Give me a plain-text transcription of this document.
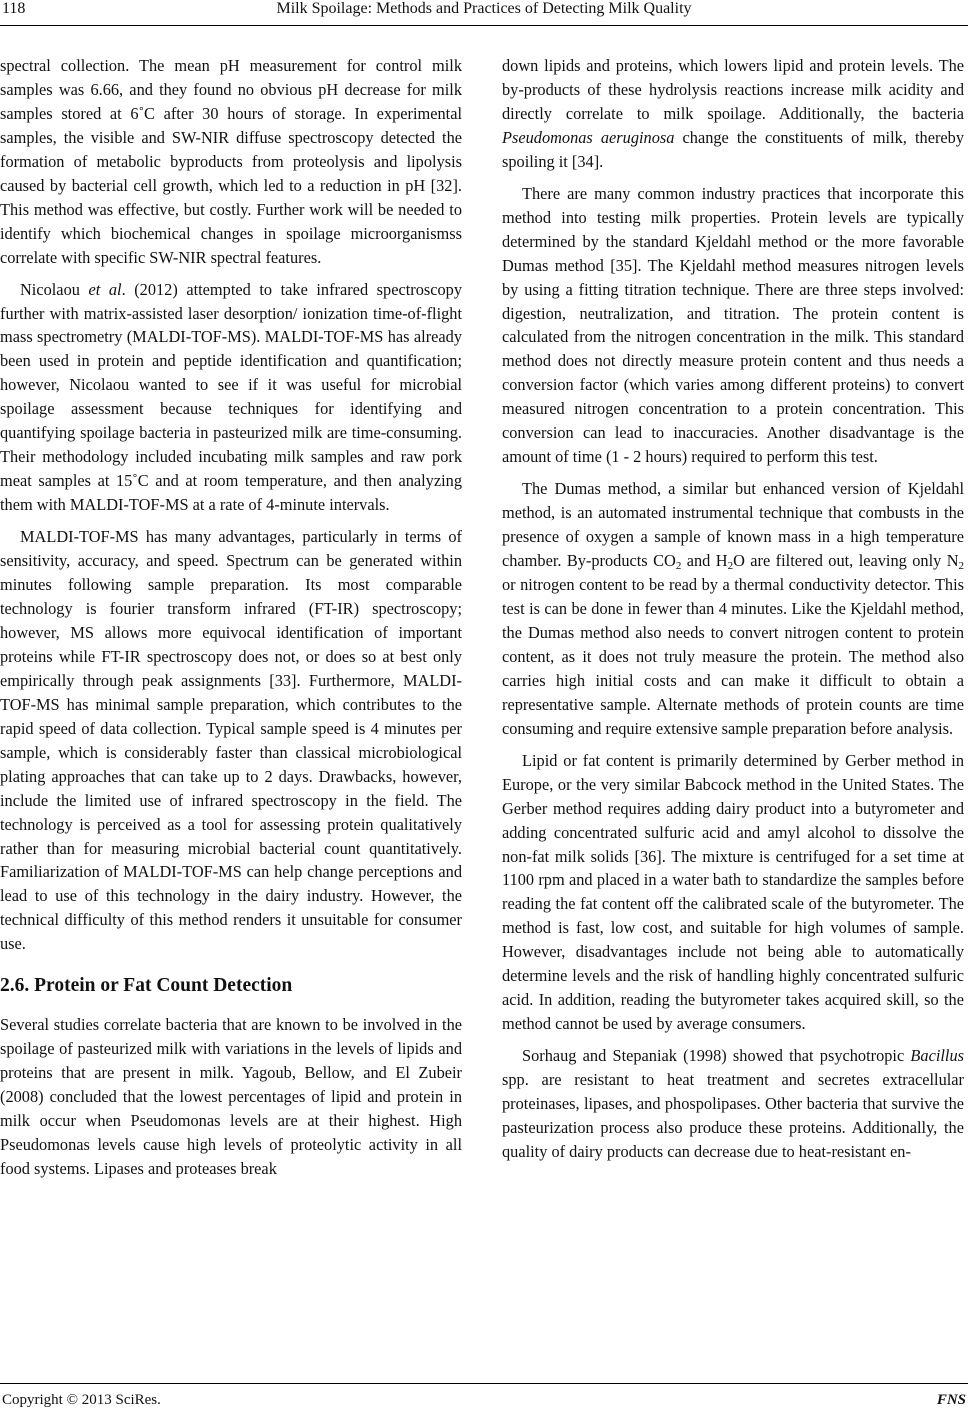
118	Milk Spoilage: Methods and Practices of Detecting Milk Quality

spectral collection. The mean pH measurement for control milk samples was 6.66, and they found no obvious pH decrease for milk samples stored at 6˚C after 30 hours of storage. In experimental samples, the visible and SW-NIR diffuse spectroscopy detected the formation of metabolic byproducts from proteolysis and lipolysis caused by bacterial cell growth, which led to a reduction in pH [32]. This method was effective, but costly. Further work will be needed to identify which biochemical changes in spoilage microorganismss correlate with specific SW-NIR spectral features.

Nicolaou et al. (2012) attempted to take infrared spectroscopy further with matrix-assisted laser desorption/ ionization time-of-flight mass spectrometry (MALDI-TOF-MS). MALDI-TOF-MS has already been used in protein and peptide identification and quantification; however, Nicolaou wanted to see if it was useful for microbial spoilage assessment because techniques for identifying and quantifying spoilage bacteria in pasteurized milk are time-consuming. Their methodology included incubating milk samples and raw pork meat samples at 15˚C and at room temperature, and then analyzing them with MALDI-TOF-MS at a rate of 4-minute intervals.

MALDI-TOF-MS has many advantages, particularly in terms of sensitivity, accuracy, and speed. Spectrum can be generated within minutes following sample preparation. Its most comparable technology is fourier transform infrared (FT-IR) spectroscopy; however, MS allows more equivocal identification of important proteins while FT-IR spectroscopy does not, or does so at best only empirically through peak assignments [33]. Furthermore, MALDI-TOF-MS has minimal sample preparation, which contributes to the rapid speed of data collection. Typical sample speed is 4 minutes per sample, which is considerably faster than classical microbiological plating approaches that can take up to 2 days. Drawbacks, however, include the limited use of infrared spectroscopy in the field. The technology is perceived as a tool for assessing protein qualitatively rather than for measuring microbial bacterial count quantitatively. Familiarization of MALDI-TOF-MS can help change perceptions and lead to use of this technology in the dairy industry. However, the technical difficulty of this method renders it unsuitable for consumer use.

2.6. Protein or Fat Count Detection

Several studies correlate bacteria that are known to be involved in the spoilage of pasteurized milk with variations in the levels of lipids and proteins that are present in milk. Yagoub, Bellow, and El Zubeir (2008) concluded that the lowest percentages of lipid and protein in milk occur when Pseudomonas levels are at their highest. High Pseudomonas levels cause high levels of proteolytic activity in all food systems. Lipases and proteases break

down lipids and proteins, which lowers lipid and protein levels. The by-products of these hydrolysis reactions increase milk acidity and directly correlate to milk spoilage. Additionally, the bacteria Pseudomonas aeruginosa change the constituents of milk, thereby spoiling it [34].

There are many common industry practices that incorporate this method into testing milk properties. Protein levels are typically determined by the standard Kjeldahl method or the more favorable Dumas method [35]. The Kjeldahl method measures nitrogen levels by using a fitting titration technique. There are three steps involved: digestion, neutralization, and titration. The protein content is calculated from the nitrogen concentration in the milk. This standard method does not directly measure protein content and thus needs a conversion factor (which varies among different proteins) to convert measured nitrogen concentration to a protein concentration. This conversion can lead to inaccuracies. Another disadvantage is the amount of time (1 - 2 hours) required to perform this test.

The Dumas method, a similar but enhanced version of Kjeldahl method, is an automated instrumental technique that combusts in the presence of oxygen a sample of known mass in a high temperature chamber. By-products $CO_2$ and $H_2O$ are filtered out, leaving only $N_2$ or nitrogen content to be read by a thermal conductivity detector. This test is can be done in fewer than 4 minutes. Like the Kjeldahl method, the Dumas method also needs to convert nitrogen content to protein content, as it does not truly measure the protein. The method also carries high initial costs and can make it difficult to obtain a representative sample. Alternate methods of protein counts are time consuming and require extensive sample preparation before analysis.

Lipid or fat content is primarily determined by Gerber method in Europe, or the very similar Babcock method in the United States. The Gerber method requires adding dairy product into a butyrometer and adding concentrated sulfuric acid and amyl alcohol to dissolve the non-fat milk solids [36]. The mixture is centrifuged for a set time at 1100 rpm and placed in a water bath to standardize the samples before reading the fat content off the calibrated scale of the butyrometer. The method is fast, low cost, and suitable for high volumes of sample. However, disadvantages include not being able to automatically determine levels and the risk of handling highly concentrated sulfuric acid. In addition, reading the butyrometer takes acquired skill, so the method cannot be used by average consumers.

Sorhaug and Stepaniak (1998) showed that psychotropic Bacillus spp. are resistant to heat treatment and secretes extracellular proteinases, lipases, and phospolipases. Other bacteria that survive the pasteurization process also produce these proteins. Additionally, the quality of dairy products can decrease due to heat-resistant en-

Copyright © 2013 SciRes.	FNS
